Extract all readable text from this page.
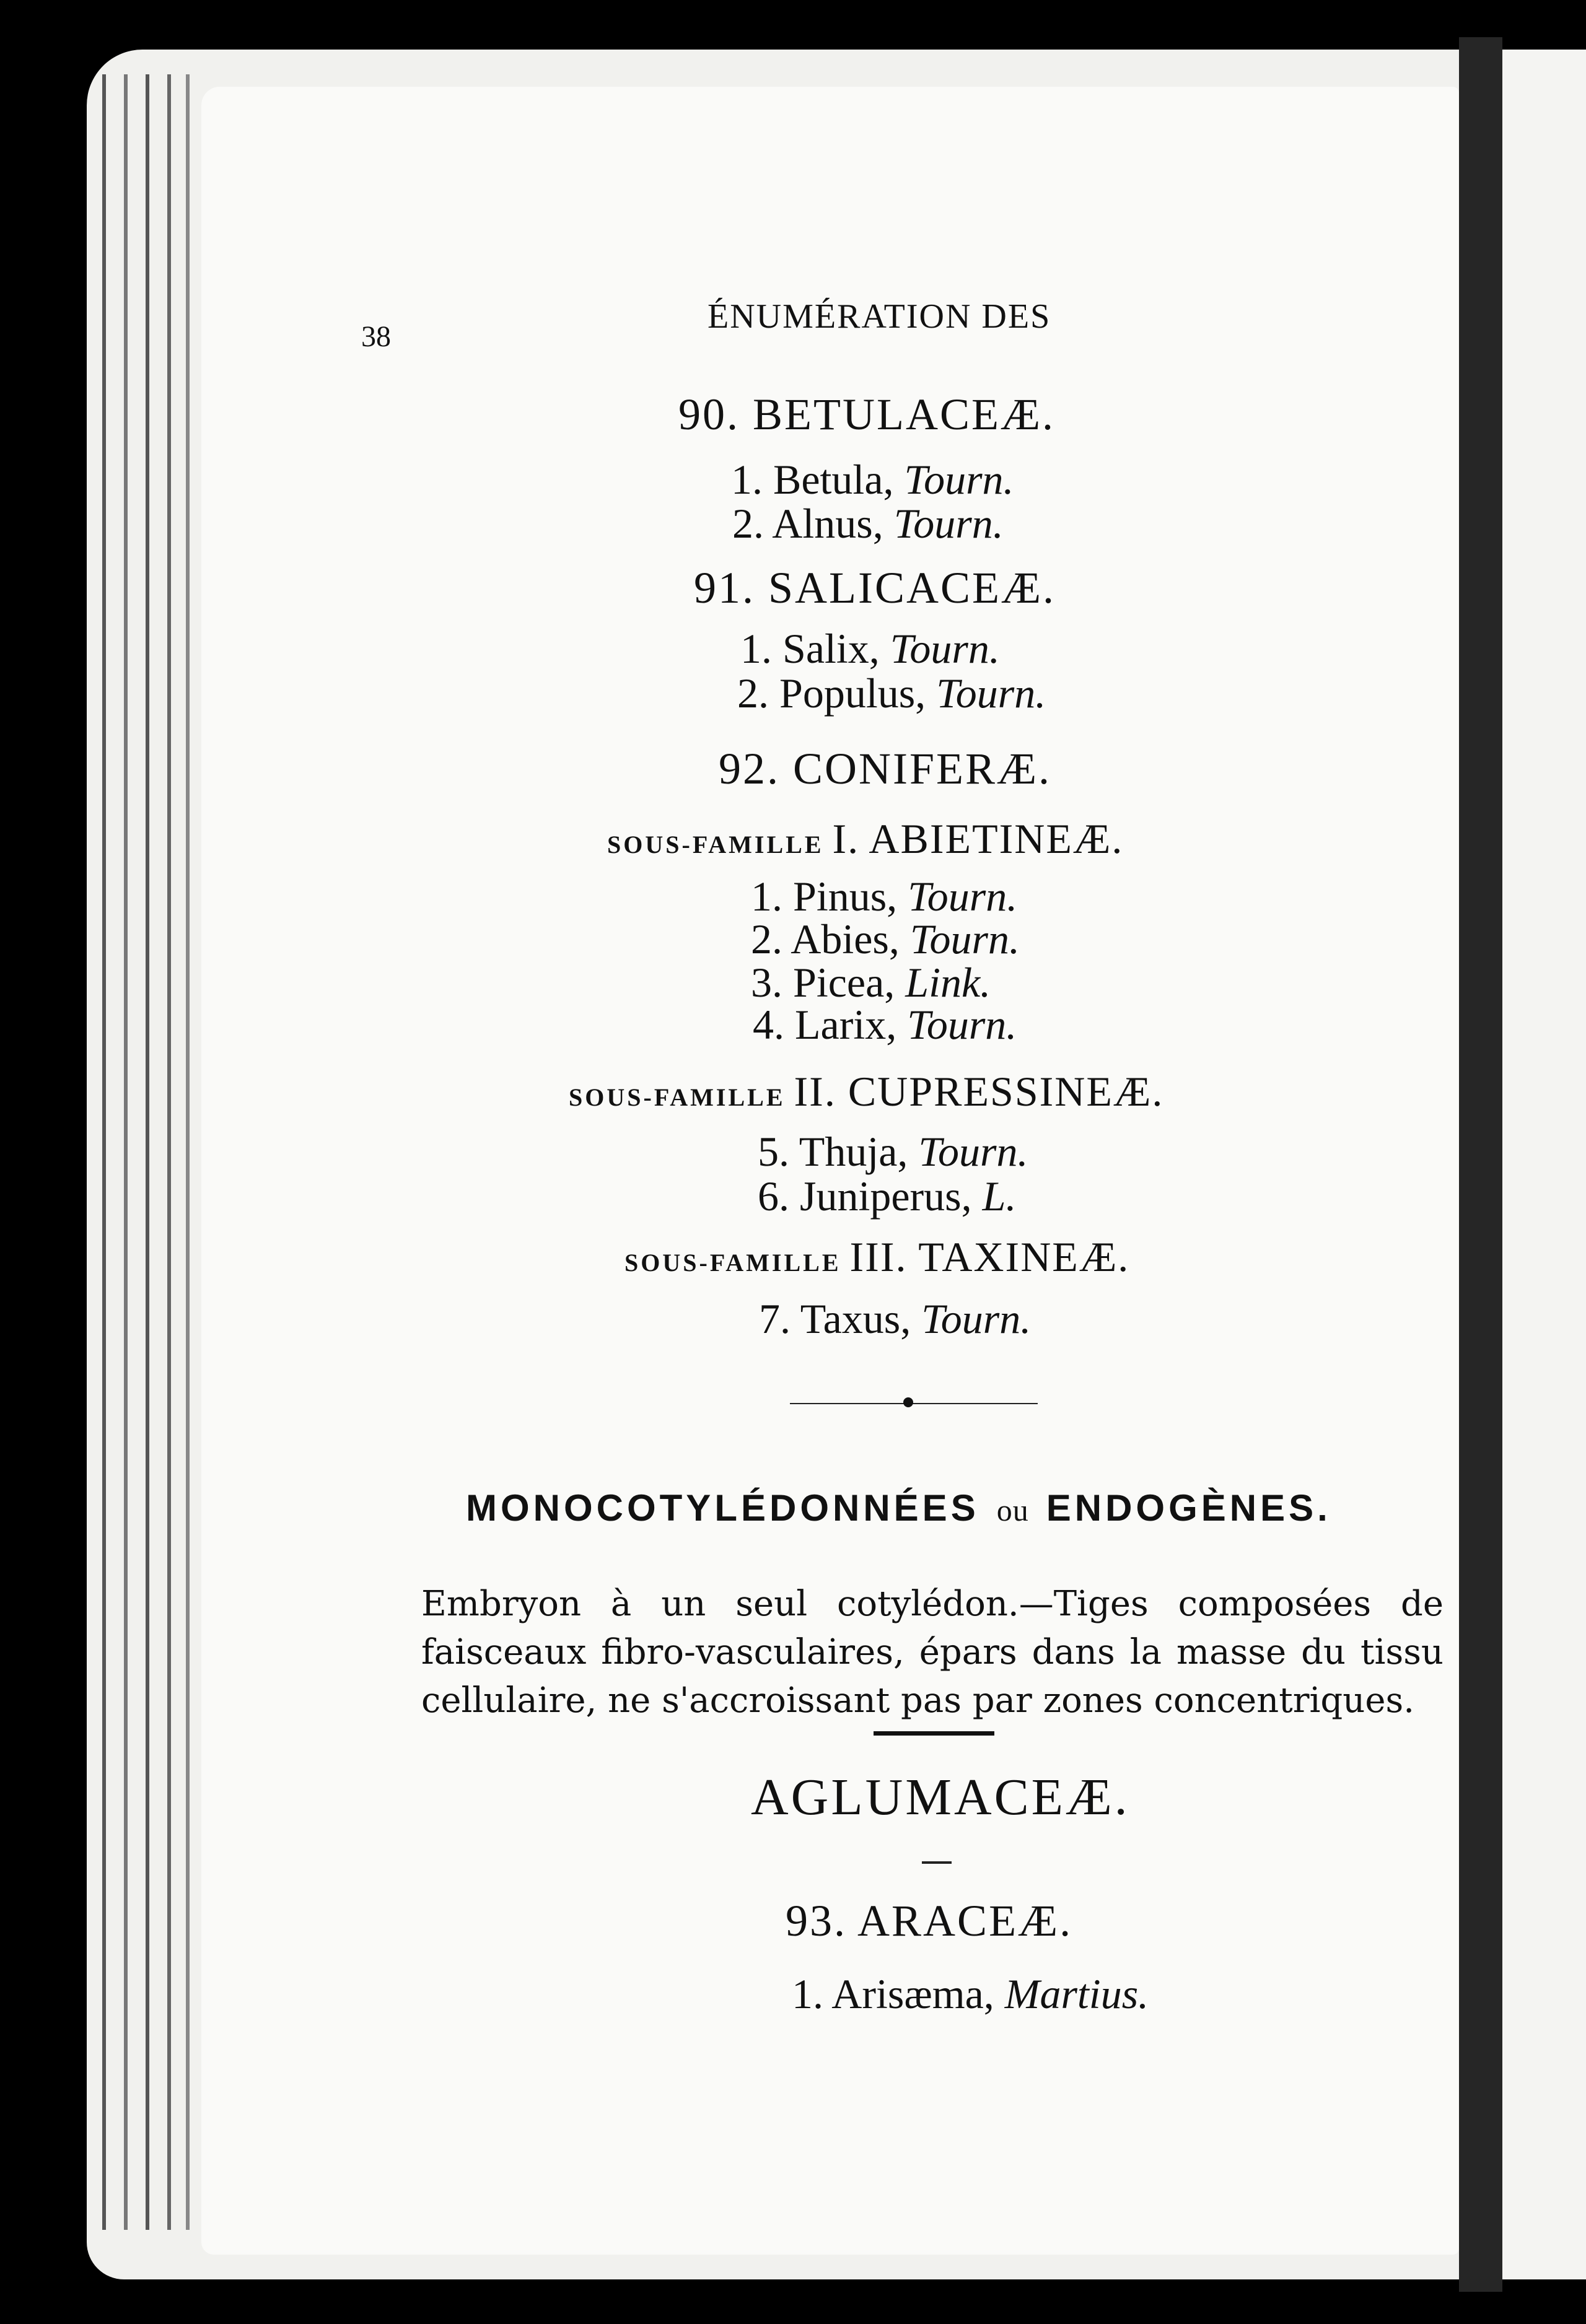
38

ÉNUMÉRATION DES

90. BETULACEÆ.

1. Betula, Tourn.

2. Alnus, Tourn.

91. SALICACEÆ.

1. Salix, Tourn.

2. Populus, Tourn.

92. CONIFERÆ.

SOUS-FAMILLE I. ABIETINEÆ.

1. Pinus, Tourn.

2. Abies, Tourn.

3. Picea, Link.

4. Larix, Tourn.

SOUS-FAMILLE II. CUPRESSINEÆ.

5. Thuja, Tourn.

6. Juniperus, L.

SOUS-FAMILLE III. TAXINEÆ.

7. Taxus, Tourn.

MONOCOTYLÉDONNÉES ou ENDOGÈNES.

Embryon à un seul cotylédon.—Tiges composées de faisceaux fibro-vasculaires, épars dans la masse du tissu cellulaire, ne s'accroissant pas par zones concentriques.

AGLUMACEÆ.

93. ARACEÆ.

1. Arisæma, Martius.
